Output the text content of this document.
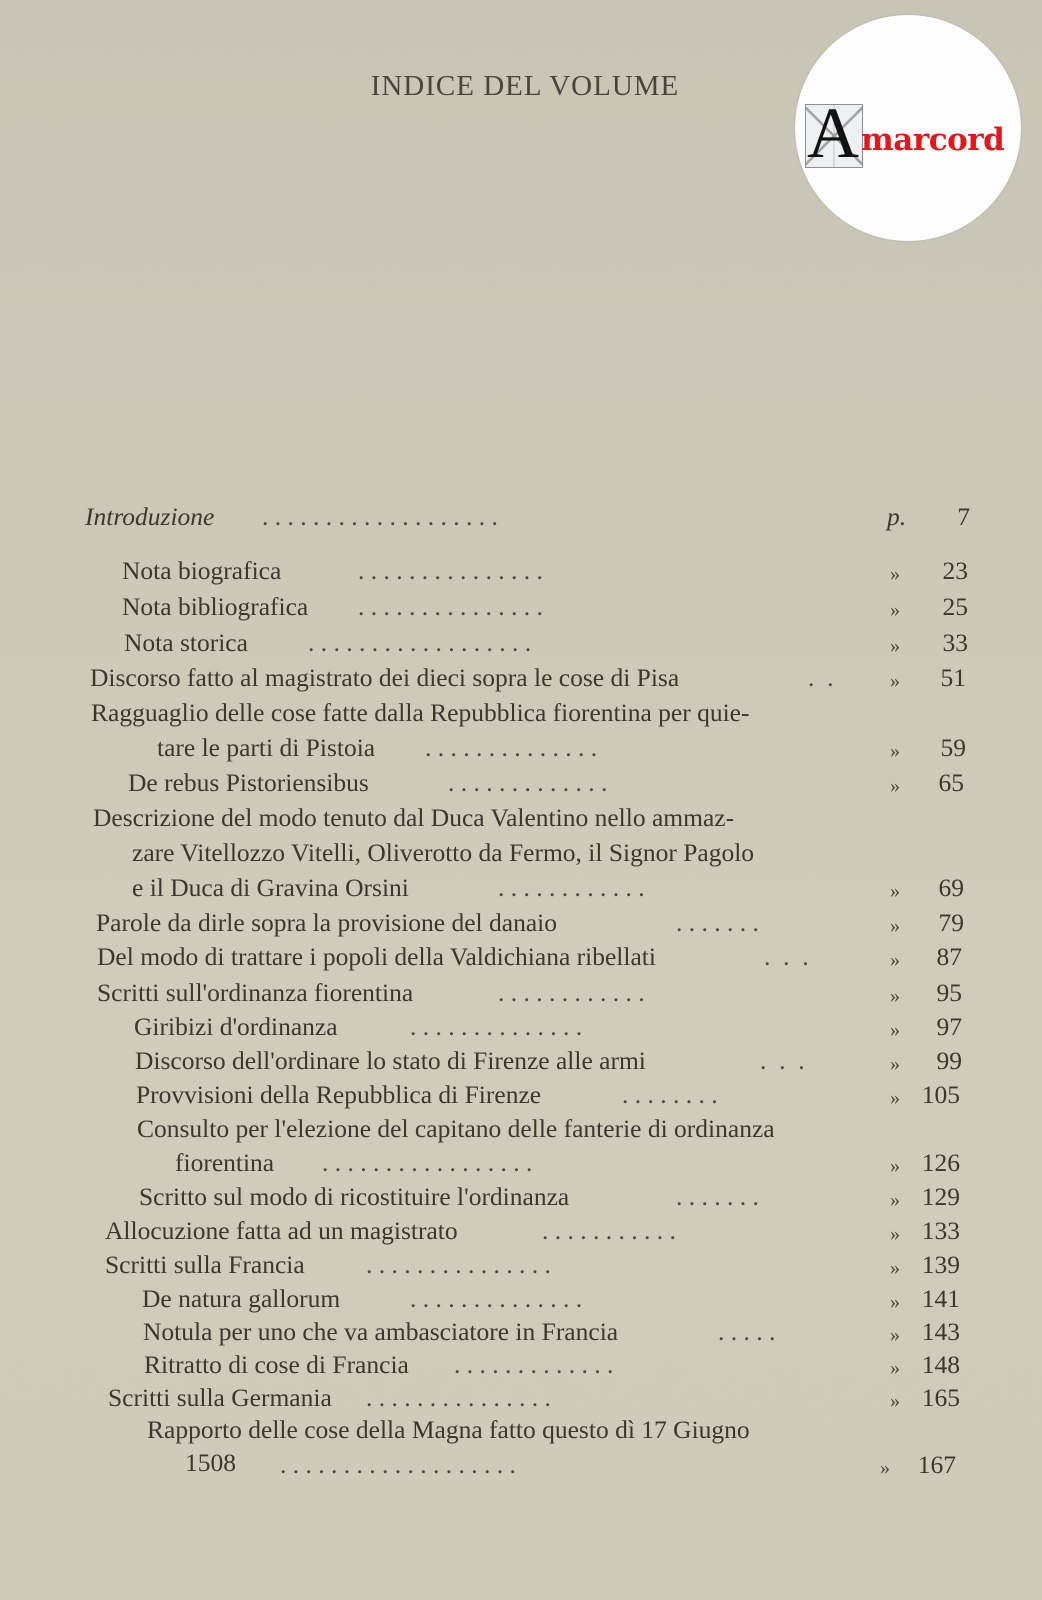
INDICE DEL VOLUME
A marcord
Introduzione . . . . . . . . . . . . . . . . . . .	p.	7
Nota biografica	. . . . . . . . . . . . . . .	»	23
Nota bibliografica . . . . . . . . . . . . . . .	»	25
Nota storica . . . . . . . . . . . . . . . . . .	»	33
Discorso fatto al magistrato dei dieci sopra le cose di Pisa	.  .	»	51
Ragguaglio delle cose fatte dalla Repubblica fiorentina per quie-
tare le parti di Pistoia . . . . . . . . . . . . . .	»	59
De rebus Pistoriensibus	. . . . . . . . . . . . .	»	65
Descrizione del modo tenuto dal Duca Valentino nello ammaz-
zare Vitellozzo Vitelli, Oliverotto da Fermo, il Signor Pagolo
e il Duca di Gravina Orsini	. . . . . . . . . . . .	»	69
Parole da dirle sopra la provisione del danaio	. . . . . . .	»	79
Del modo di trattare i popoli della Valdichiana ribellati	.  .  .	»	87
Scritti sull'ordinanza fiorentina	. . . . . . . . . . . .	»	95
Giribizi d'ordinanza	. . . . . . . . . . . . . .	»	97
Discorso dell'ordinare lo stato di Firenze alle armi	.  .  .	»	99
Provvisioni della Repubblica di Firenze	. . . . . . . .	» 105
Consulto per l'elezione del capitano delle fanterie di ordinanza
fiorentina . . . . . . . . . . . . . . . . .	» 126
Scritto sul modo di ricostituire l'ordinanza	. . . . . . .	» 129
Allocuzione fatta ad un magistrato	. . . . . . . . . . .	» 133
Scritti sulla Francia . . . . . . . . . . . . . . .	» 139
De natura gallorum	. . . . . . . . . . . . . .	» 141
Notula per uno che va ambasciatore in Francia	. . . . .	» 143
Ritratto di cose di Francia . . . . . . . . . . . . .	» 148
Scritti sulla Germania . . . . . . . . . . . . . . .	» 165
Rapporto delle cose della Magna fatto questo dì 17 Giugno
1508 . . . . . . . . . . . . . . . . . . .	»	167
